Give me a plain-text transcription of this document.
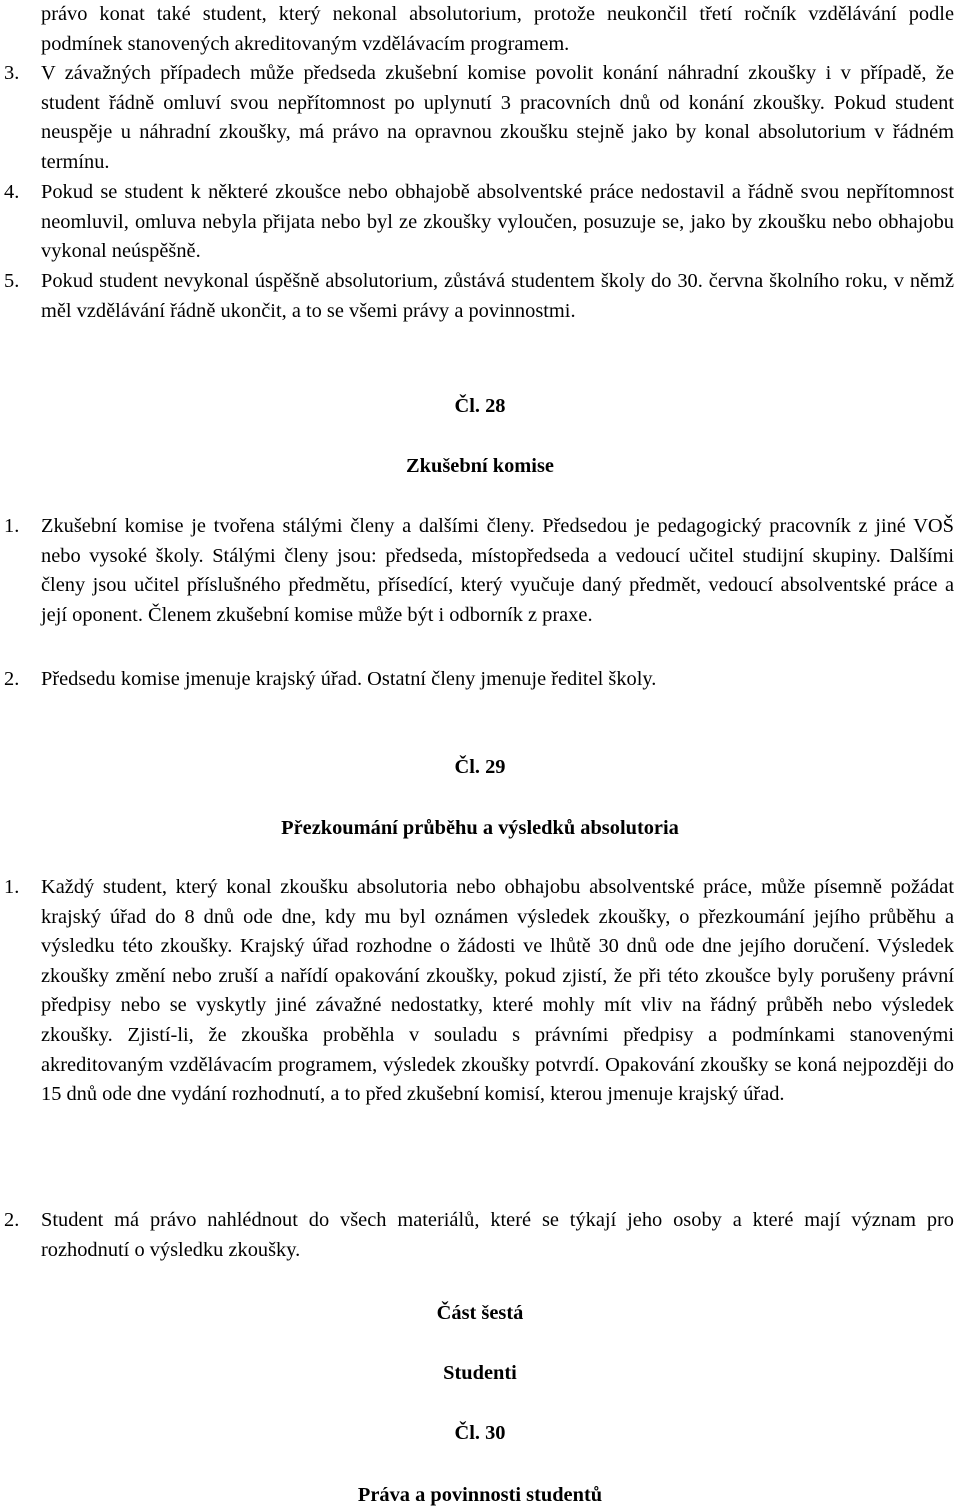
právo konat také student, který nekonal absolutorium, protože neukončil třetí ročník vzdělávání podle podmínek stanovených akreditovaným vzdělávacím programem.
3.	V závažných případech může předseda zkušební komise povolit konání náhradní zkoušky i v případě, že student řádně omluví svou nepřítomnost po uplynutí 3 pracovních dnů od konání zkoušky. Pokud student neuspěje u náhradní zkoušky, má právo na opravnou zkoušku stejně jako by konal absolutorium v řádném termínu.
4.	Pokud se student k některé zkoušce nebo obhajobě absolventské práce nedostavil a řádně svou nepřítomnost neomluvil, omluva nebyla přijata nebo byl ze zkoušky vyloučen, posuzuje se, jako by zkoušku nebo obhajobu vykonal neúspěšně.
5.	Pokud student nevykonal úspěšně absolutorium, zůstává studentem školy do 30. června školního roku, v němž měl vzdělávání řádně ukončit, a to se všemi právy a povinnostmi.
Čl. 28
Zkušební komise
1.	Zkušební komise je tvořena stálými členy a dalšími členy. Předsedou je pedagogický pracovník z jiné VOŠ nebo vysoké školy. Stálými členy jsou: předseda, místopředseda a vedoucí učitel studijní skupiny. Dalšími členy jsou učitel příslušného předmětu, přísedící, který vyučuje daný předmět, vedoucí absolventské práce a její oponent. Členem zkušební komise může být i odborník z praxe.
2.	Předsedu komise jmenuje krajský úřad. Ostatní členy jmenuje ředitel školy.
Čl. 29
Přezkoumání průběhu a výsledků absolutoria
1.	Každý student, který konal zkoušku absolutoria nebo obhajobu absolventské práce, může písemně požádat krajský úřad do 8 dnů ode dne, kdy mu byl oznámen výsledek zkoušky, o přezkoumání jejího průběhu a výsledku této zkoušky. Krajský úřad rozhodne o žádosti ve lhůtě 30 dnů ode dne jejího doručení. Výsledek zkoušky změní nebo zruší a nařídí opakování zkoušky, pokud zjistí, že při této zkoušce byly porušeny právní předpisy nebo se vyskytly jiné závažné nedostatky, které mohly mít vliv na řádný průběh nebo výsledek zkoušky. Zjistí-li, že zkouška proběhla v souladu s právními předpisy a podmínkami stanovenými akreditovaným vzdělávacím programem, výsledek zkoušky potvrdí. Opakování zkoušky se koná nejpozději do 15 dnů ode dne vydání rozhodnutí, a to před zkušební komisí, kterou jmenuje krajský úřad.
2.	Student má právo nahlédnout do všech materiálů, které se týkají jeho osoby a které mají význam pro rozhodnutí o výsledku zkoušky.
Část šestá
Studenti
Čl. 30
Práva a povinnosti studentů
